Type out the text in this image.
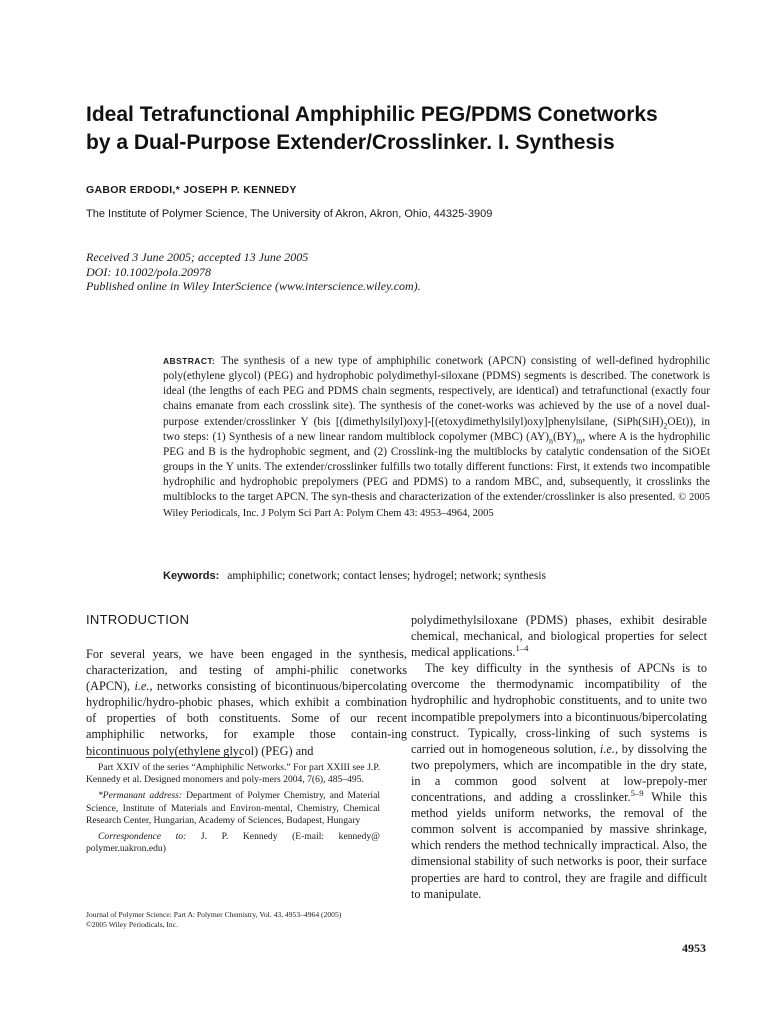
Ideal Tetrafunctional Amphiphilic PEG/PDMS Conetworks
by a Dual-Purpose Extender/Crosslinker. I. Synthesis
GABOR ERDODI,* JOSEPH P. KENNEDY
The Institute of Polymer Science, The University of Akron, Akron, Ohio, 44325-3909
Received 3 June 2005; accepted 13 June 2005
DOI: 10.1002/pola.20978
Published online in Wiley InterScience (www.interscience.wiley.com).
ABSTRACT: The synthesis of a new type of amphiphilic conetwork (APCN) consisting of well-defined hydrophilic poly(ethylene glycol) (PEG) and hydrophobic polydimethyl-siloxane (PDMS) segments is described. The conetwork is ideal (the lengths of each PEG and PDMS chain segments, respectively, are identical) and tetrafunctional (exactly four chains emanate from each crosslink site). The synthesis of the conet-works was achieved by the use of a novel dual-purpose extender/crosslinker Y (bis [(dimethylsilyl)oxy]-[(etoxydimethylsilyl)oxy]phenylsilane, $(SiPh(SiH)_2OEt)$), in two steps: (1) Synthesis of a new linear random multiblock copolymer (MBC) $(AY)_n(BY)_m$, where A is the hydrophilic PEG and B is the hydrophobic segment, and (2) Crosslink-ing the multiblocks by catalytic condensation of the SiOEt groups in the Y units. The extender/crosslinker fulfills two totally different functions: First, it extends two incompatible hydrophilic and hydrophobic prepolymers (PEG and PDMS) to a random MBC, and, subsequently, it crosslinks the multiblocks to the target APCN. The syn-thesis and characterization of the extender/crosslinker is also presented. © 2005 Wiley Periodicals, Inc. J Polym Sci Part A: Polym Chem 43: 4953–4964, 2005
Keywords: amphiphilic; conetwork; contact lenses; hydrogel; network; synthesis
INTRODUCTION

For several years, we have been engaged in the synthesis, characterization, and testing of amphi-philic conetworks (APCN), i.e., networks consisting of bicontinuous/bipercolating hydrophilic/hydro-phobic phases, which exhibit a combination of properties of both constituents. Some of our recent amphiphilic networks, for example those contain-ing bicontinuous poly(ethylene glycol) (PEG) and

Part XXIV of the series “Amphiphilic Networks.” For part XXIII see J.P. Kennedy et al. Designed monomers and poly-mers 2004, 7(6), 485–495.

*Permanant address: Department of Polymer Chemistry, and Material Science, Institute of Materials and Environ-mental, Chemistry, Chemical Research Center, Hungarian, Academy of Sciences, Budapest, Hungary

Correspondence to: J. P. Kennedy (E-mail: kennedy@ polymer.uakron.edu)

Journal of Polymer Science: Part A: Polymer Chemistry, Vol. 43, 4953–4964 (2005)
©2005 Wiley Periodicals, Inc.

polydimethylsiloxane (PDMS) phases, exhibit desirable chemical, mechanical, and biological properties for select medical applications.$^{1-4}$

The key difficulty in the synthesis of APCNs is to overcome the thermodynamic incompatibility of the hydrophilic and hydrophobic constituents, and to unite two incompatible prepolymers into a bicontinuous/bipercolating construct. Typically, cross-linking of such systems is carried out in homogeneous solution, i.e., by dissolving the two prepolymers, which are incompatible in the dry state, in a common good solvent at low-prepoly-mer concentrations, and adding a crosslinker.$^{5-9}$ While this method yields uniform networks, the removal of the common solvent is accompanied by massive shrinkage, which renders the method technically impractical. Also, the dimensional stability of such networks is poor, their surface properties are hard to control, they are fragile and difficult to manipulate.

4953
